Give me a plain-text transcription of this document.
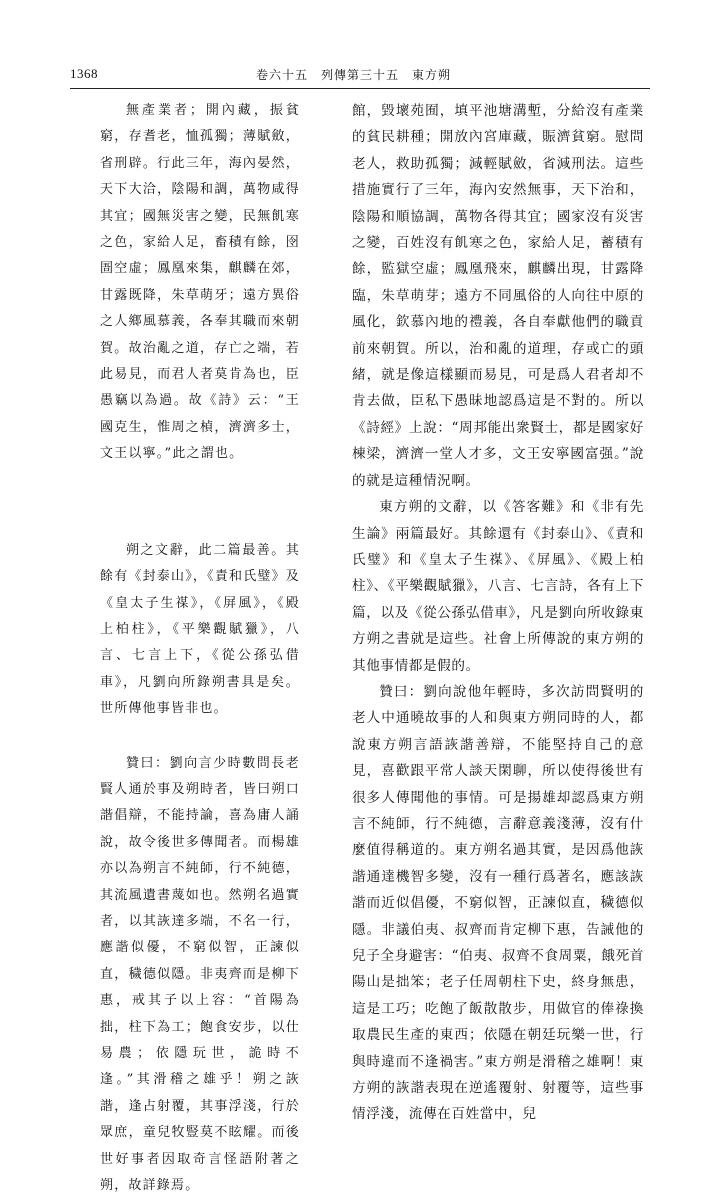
1368	卷六十五　列傳第三十五　東方朔

無產業者；開內藏，振貧窮，存耆老，恤孤獨；薄賦斂，省刑辟。行此三年，海內晏然，天下大洽，陰陽和調，萬物咸得其宜；國無災害之變，民無飢寒之色，家給人足，畜積有餘，囹圄空虛；鳳凰來集，麒麟在郊，甘露既降，朱草萌牙；遠方異俗之人鄉風慕義，各奉其職而來朝賀。故治亂之道，存亡之端，若此易見，而君人者莫肯為也，臣愚竊以為過。故《詩》云：“王國克生，惟周之楨，濟濟多士，文王以寧。”此之謂也。

朔之文辭，此二篇最善。其餘有《封泰山》，《責和氏璧》及《皇太子生禖》，《屏風》，《殿上柏柱》，《平樂觀賦獵》，八言、七言上下，《從公孫弘借車》，凡劉向所錄朔書具是矣。世所傳他事皆非也。

贊曰：劉向言少時數問長老賢人通於事及朔時者，皆曰朔口諧倡辯，不能持論，喜為庸人誦說，故令後世多傳聞者。而楊雄亦以為朔言不純師，行不純德，其流風遺書蔑如也。然朔名過實者，以其詼達多端，不名一行，應諧似優，不窮似智，正諫似直，穢德似隱。非夷齊而是柳下惠，戒其子以上容：“首陽為拙，柱下為工；飽食安步，以仕易農；依隱玩世，詭時不逢。”其滑稽之雄乎！朔之詼諧，逢占射覆，其事浮淺，行於眾庶，童兒牧豎莫不眩耀。而後世好事者因取奇言怪語附著之朔，故詳錄焉。

館，毀壞苑囿，填平池塘溝塹，分給沒有產業的貧民耕種；開放內宮庫藏，賑濟貧窮。慰問老人，救助孤獨；減輕賦斂，省減刑法。這些措施實行了三年，海內安然無事，天下治和，陰陽和順協調，萬物各得其宜；國家沒有災害之變，百姓沒有飢寒之色，家給人足，蓄積有餘，監獄空虛；鳳凰飛來，麒麟出現，甘露降臨，朱草萌芽；遠方不同風俗的人向往中原的風化，欽慕內地的禮義，各自奉獻他們的職貢前來朝賀。所以，治和亂的道理，存或亡的頭緒，就是像這樣顯而易見，可是爲人君者却不肯去做，臣私下愚昧地認爲這是不對的。所以《詩經》上說：“周邦能出衆賢士，都是國家好棟梁，濟濟一堂人才多，文王安寧國富强。”說的就是這種情況啊。

東方朔的文辭，以《答客難》和《非有先生論》兩篇最好。其餘還有《封泰山》、《責和氏璧》和《皇太子生禖》、《屏風》、《殿上柏柱》、《平樂觀賦獵》，八言、七言詩，各有上下篇，以及《從公孫弘借車》，凡是劉向所收錄東方朔之書就是這些。社會上所傳說的東方朔的其他事情都是假的。

贊曰：劉向說他年輕時，多次訪問賢明的老人中通曉故事的人和與東方朔同時的人，都說東方朔言語詼諧善辯，不能堅持自己的意見，喜歡跟平常人談天閑聊，所以使得後世有很多人傳聞他的事情。可是揚雄却認爲東方朔言不純師，行不純德，言辭意義淺薄，沒有什麼值得稱道的。東方朔名過其實，是因爲他詼諧通達機智多變，沒有一種行爲著名，應該詼諧而近似倡優，不窮似智，正諫似直，穢德似隱。非議伯夷、叔齊而肯定柳下惠，告誡他的兒子全身避害：“伯夷、叔齊不食周粟，餓死首陽山是拙笨；老子任周朝柱下史，終身無患，這是工巧；吃飽了飯散散步，用做官的俸祿換取農民生產的東西；依隱在朝廷玩樂一世，行與時違而不逢禍害。”東方朔是滑稽之雄啊！東方朔的詼諧表現在逆遙覆射、射覆等，這些事情浮淺，流傳在百姓當中，兒
